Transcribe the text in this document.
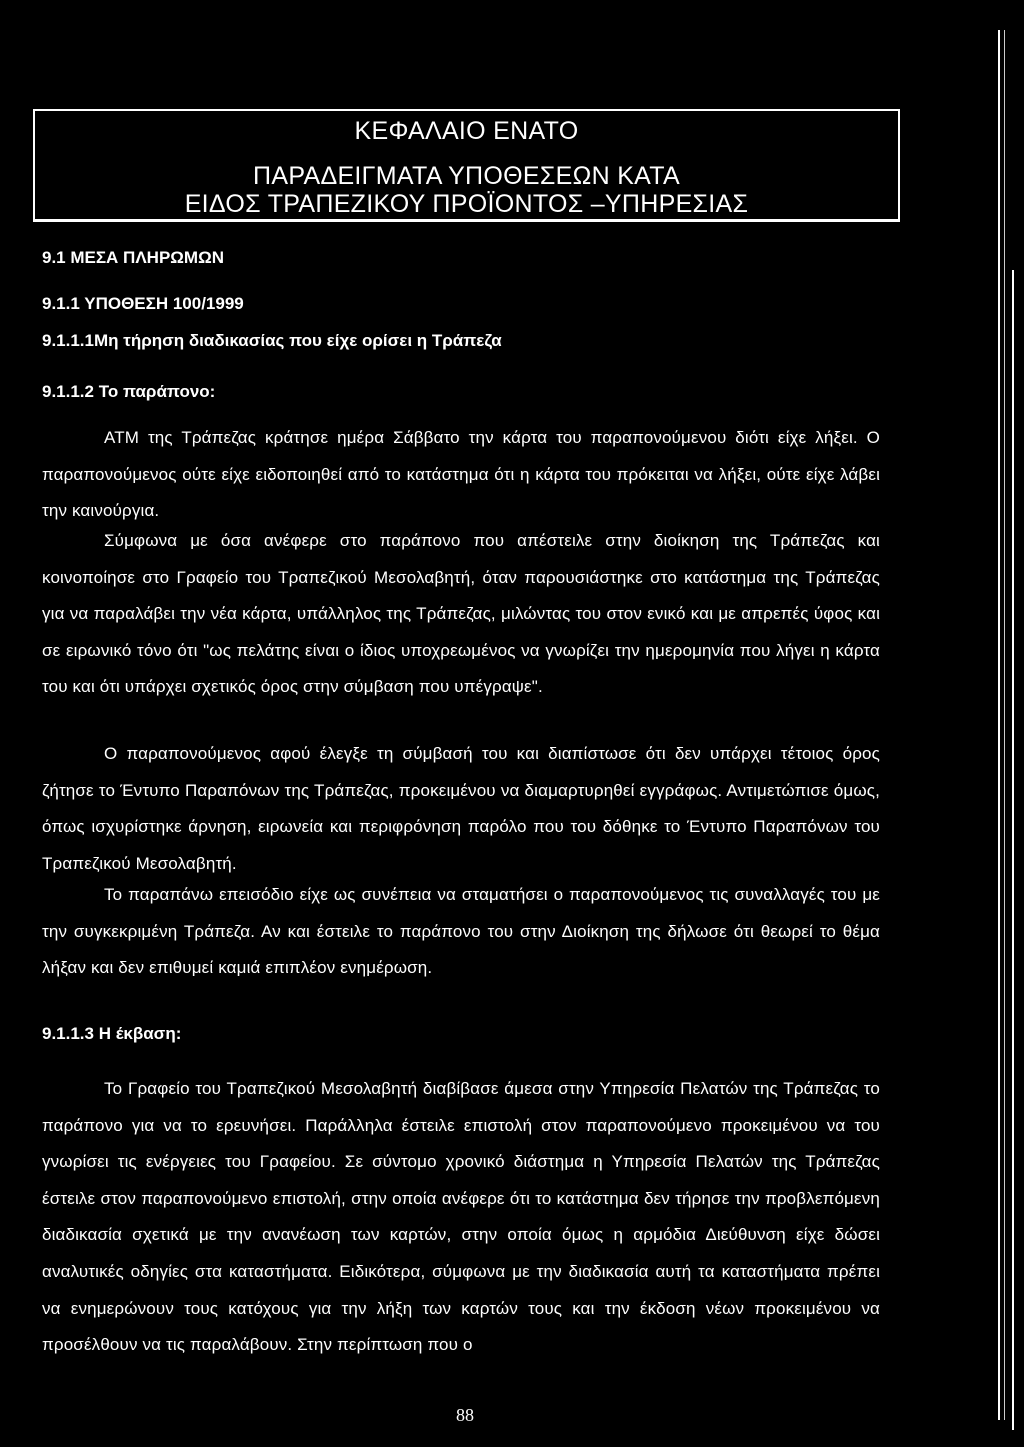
ΚΕΦΑΛΑΙΟ ΕΝΑΤΟ
ΠΑΡΑΔΕΙΓΜΑΤΑ ΥΠΟΘΕΣΕΩΝ ΚΑΤΑ
ΕΙΔΟΣ ΤΡΑΠΕΖΙΚΟΥ ΠΡΟΪΟΝΤΟΣ –ΥΠΗΡΕΣΙΑΣ
9.1 ΜΕΣΑ ΠΛΗΡΩΜΩΝ
9.1.1 ΥΠΟΘΕΣΗ 100/1999
9.1.1.1Μη τήρηση διαδικασίας που είχε ορίσει η Τράπεζα
9.1.1.2 Το παράπονο:
ΑΤΜ της Τράπεζας κράτησε ημέρα Σάββατο την κάρτα του παραπονούμενου διότι είχε λήξει. Ο παραπονούμενος ούτε είχε ειδοποιηθεί από το κατάστημα ότι η κάρτα του πρόκειται να λήξει, ούτε είχε λάβει την καινούργια.
Σύμφωνα με όσα ανέφερε στο παράπονο που απέστειλε στην διοίκηση της Τράπεζας και κοινοποίησε στο Γραφείο του Τραπεζικού Μεσολαβητή, όταν παρουσιάστηκε στο κατάστημα της Τράπεζας για να παραλάβει την νέα κάρτα, υπάλληλος της Τράπεζας, μιλώντας του στον ενικό και με απρεπές ύφος και σε ειρωνικό τόνο ότι "ως πελάτης είναι ο ίδιος υποχρεωμένος να γνωρίζει την ημερομηνία που λήγει η κάρτα του και ότι υπάρχει σχετικός όρος στην σύμβαση που υπέγραψε".
Ο παραπονούμενος αφού έλεγξε τη σύμβασή του και διαπίστωσε ότι δεν υπάρχει τέτοιος όρος ζήτησε το Έντυπο Παραπόνων της Τράπεζας, προκειμένου να διαμαρτυρηθεί εγγράφως. Αντιμετώπισε όμως, όπως ισχυρίστηκε άρνηση, ειρωνεία και περιφρόνηση παρόλο που του δόθηκε το Έντυπο Παραπόνων του Τραπεζικού Μεσολαβητή.
Το παραπάνω επεισόδιο είχε ως συνέπεια να σταματήσει ο παραπονούμενος τις συναλλαγές του με την συγκεκριμένη Τράπεζα. Αν και έστειλε το παράπονο του στην Διοίκηση της δήλωσε ότι θεωρεί το θέμα λήξαν και δεν επιθυμεί καμιά επιπλέον ενημέρωση.
9.1.1.3 Η έκβαση:
Το Γραφείο του Τραπεζικού Μεσολαβητή διαβίβασε άμεσα στην Υπηρεσία Πελατών της Τράπεζας το παράπονο για να το ερευνήσει. Παράλληλα έστειλε επιστολή στον παραπονούμενο προκειμένου να του γνωρίσει τις ενέργειες του Γραφείου. Σε σύντομο χρονικό διάστημα η Υπηρεσία Πελατών της Τράπεζας έστειλε στον παραπονούμενο επιστολή, στην οποία ανέφερε ότι το κατάστημα δεν τήρησε την προβλεπόμενη διαδικασία σχετικά με την ανανέωση των καρτών, στην οποία όμως η αρμόδια Διεύθυνση είχε δώσει αναλυτικές οδηγίες στα καταστήματα. Ειδικότερα, σύμφωνα με την διαδικασία αυτή τα καταστήματα πρέπει να ενημερώνουν τους κατόχους για την λήξη των καρτών τους και την έκδοση νέων προκειμένου να προσέλθουν να τις παραλάβουν. Στην περίπτωση που ο
88
